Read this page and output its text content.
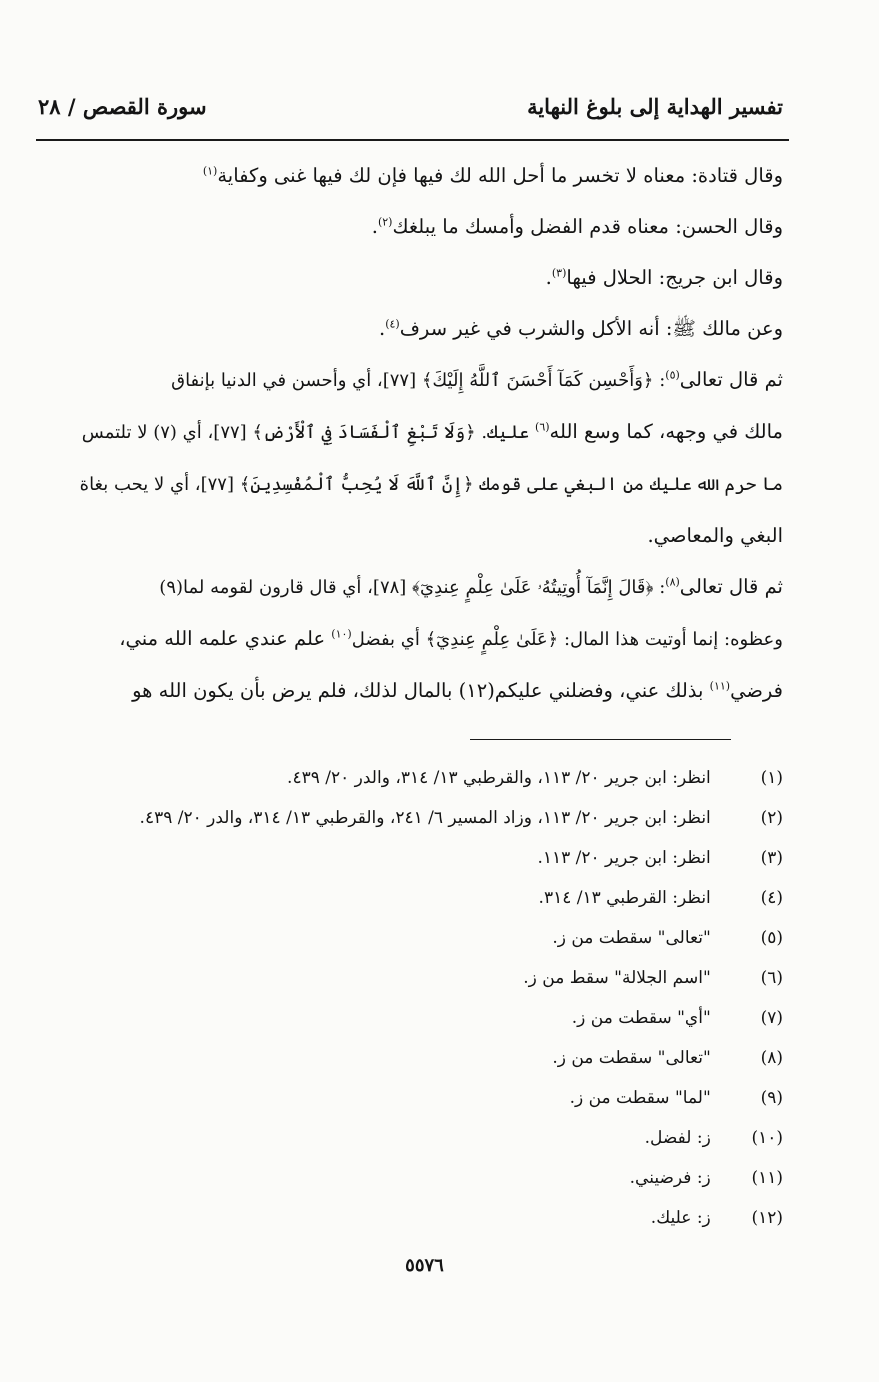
تفسير الهداية إلى بلوغ النهاية
سورة القصص / ٢٨

وقال قتادة: معناه لا تخسر ما أحل الله لك فيها فإن لك فيها غنى وكفاية$^{(١)}$

وقال الحسن: معناه قدم الفضل وأمسك ما يبلغك$^{(٢)}$.

وقال ابن جريج: الحلال فيها$^{(٣)}$.

وعن مالك ﷺ: أنه الأكل والشرب في غير سرف$^{(٤)}$.

ثم قال تعالى$^{(٥)}$: ﴿وَأَحْسِن كَمَآ أَحْسَنَ ٱللَّهُ إِلَيْكَ﴾ [٧٧]، أي وأحسن في الدنيا بإنفاق

مالك في وجهه، كما وسع الله$^{(٦)}$ عليك. ﴿وَلَا تَبْغِ ٱلْفَسَادَ فِي ٱلْأَرْضِ﴾ [٧٧]، أي (٧) لا تلتمس

ما حرم الله عليك من البغي على قومك ﴿إِنَّ ٱللَّهَ لَا يُحِبُّ ٱلْمُفْسِدِينَ﴾ [٧٧]، أي لا يحب بغاة

البغي والمعاصي.

ثم قال تعالى$^{(٨)}$: ﴿قَالَ إِنَّمَآ أُوتِيتُهُۥ عَلَىٰ عِلْمٍ عِندِيٓ﴾ [٧٨]، أي قال قارون لقومه لما(٩)

وعظوه: إنما أوتيت هذا المال: ﴿عَلَىٰ عِلْمٍ عِندِيٓ﴾ أي بفضل$^{(١٠)}$ علم عندي علمه الله مني،

فرضي$^{(١١)}$ بذلك عني، وفضلني عليكم(١٢) بالمال لذلك، فلم يرض بأن يكون الله هو

(١)   انظر: ابن جرير ٢٠/ ١١٣، والقرطبي ١٣/ ٣١٤، والدر ٢٠/ ٤٣٩.
(٢)   انظر: ابن جرير ٢٠/ ١١٣، وزاد المسير ٦/ ٢٤١، والقرطبي ١٣/ ٣١٤، والدر ٢٠/ ٤٣٩.
(٣)   انظر: ابن جرير ٢٠/ ١١٣.
(٤)   انظر: القرطبي ١٣/ ٣١٤.
(٥)   "تعالى" سقطت من ز.
(٦)   "اسم الجلالة" سقط من ز.
(٧)   "أي" سقطت من ز.
(٨)   "تعالى" سقطت من ز.
(٩)   "لما" سقطت من ز.
(١٠)   ز: لفضل.
(١١)   ز: فرضيني.
(١٢)   ز: عليك.
٥٥٧٦
